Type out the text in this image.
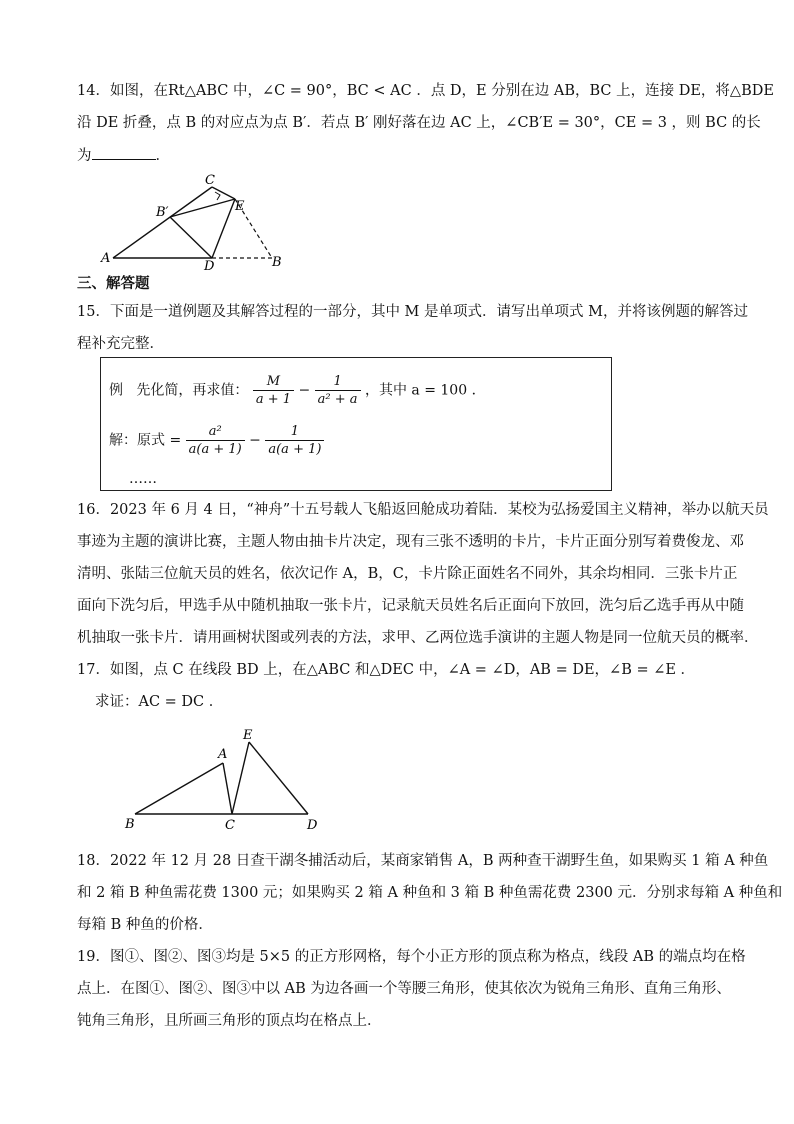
14．如图，在Rt△ABC 中，∠C = 90°，BC < AC ．点 D，E 分别在边 AB，BC 上，连接 DE，将△BDE
沿 DE 折叠，点 B 的对应点为点 B′．若点 B′ 刚好落在边 AC 上，∠CB′E = 30°，CE = 3 ，则 BC 的长
为	．
C
B′	E
A
D	B
三、解答题
15．下面是一道例题及其解答过程的一部分，其中 M 是单项式．请写出单项式 M，并将该例题的解答过
程补充完整．
例 先化简，再求值： $\frac{M}{a + 1} - \frac{1}{\text{a² + a}}$ ，其中 a = 100 ．
解：原式 = $\frac{\text{a²}}{a(a + 1)} - \frac{1}{a(a + 1)}$
……
16．2023 年 6 月 4 日，“神舟”十五号载人飞船返回舱成功着陆．某校为弘扬爱国主义精神，举办以航天员
事迹为主题的演讲比赛，主题人物由抽卡片决定，现有三张不透明的卡片，卡片正面分别写着费俊龙、邓
清明、张陆三位航天员的姓名，依次记作 A，B，C，卡片除正面姓名不同外，其余均相同．三张卡片正
面向下洗匀后，甲选手从中随机抽取一张卡片，记录航天员姓名后正面向下放回，洗匀后乙选手再从中随
机抽取一张卡片．请用画树状图或列表的方法，求甲、乙两位选手演讲的主题人物是同一位航天员的概率．
17．如图，点 C 在线段 BD 上，在△ABC 和△DEC 中，∠A = ∠D，AB = DE，∠B = ∠E ．
求证：AC = DC ．
A
E
B	C	D
18．2022 年 12 月 28 日查干湖冬捕活动后，某商家销售 A，B 两种查干湖野生鱼，如果购买 1 箱 A 种鱼
和 2 箱 B 种鱼需花费 1300 元；如果购买 2 箱 A 种鱼和 3 箱 B 种鱼需花费 2300 元．分别求每箱 A 种鱼和
每箱 B 种鱼的价格．
19．图①、图②、图③均是 5×5 的正方形网格，每个小正方形的顶点称为格点，线段 AB 的端点均在格
点上．在图①、图②、图③中以 AB 为边各画一个等腰三角形，使其依次为锐角三角形、直角三角形、
钝角三角形，且所画三角形的顶点均在格点上．
